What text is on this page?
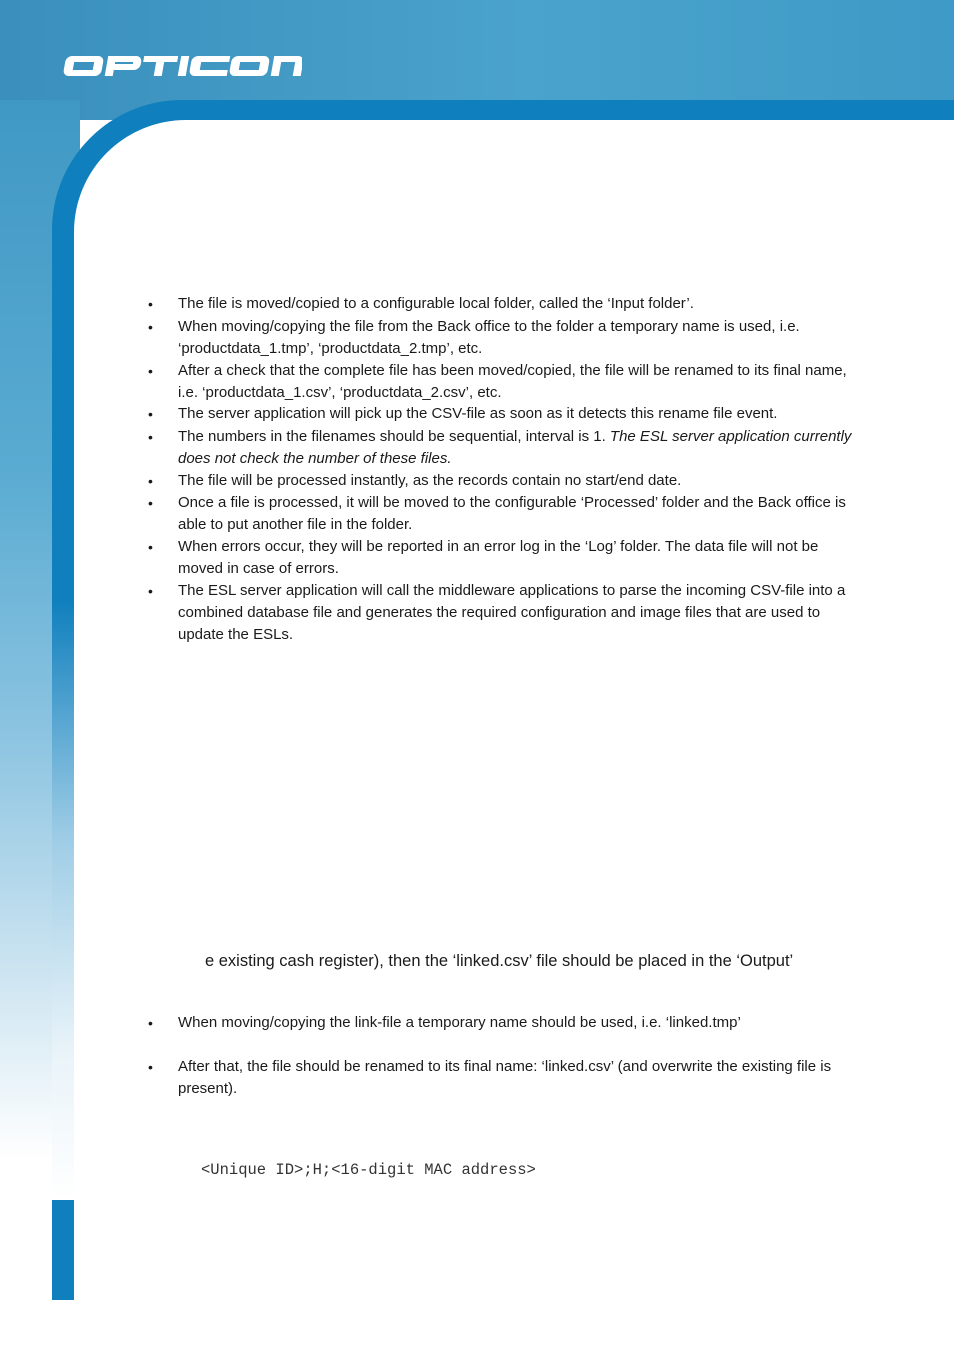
•	The file is moved/copied to a configurable local folder, called the ‘Input folder’.
•	When moving/copying the file from the Back office to the folder a temporary name is used, i.e. ‘productdata_1.tmp’, ‘productdata_2.tmp’, etc.
•	After a check that the complete file has been moved/copied, the file will be renamed to its final name, i.e. ‘productdata_1.csv’, ‘productdata_2.csv’, etc.
•	The server application will pick up the CSV-file as soon as it detects this rename file event.
•	The numbers in the filenames should be sequential, interval is 1. The ESL server application currently does not check the number of these files.
•	The file will be processed instantly, as the records contain no start/end date.
•	Once a file is processed, it will be moved to the configurable ‘Processed’ folder and the Back office is able to put another file in the folder.
•	When errors occur, they will be reported in an error log in the ‘Log’ folder. The data file will not be moved in case of errors.
•	The ESL server application will call the middleware applications to parse the incoming CSV-file into a combined database file and generates the required configuration and image files that are used to update the ESLs.
e existing cash register), then the ‘linked.csv’ file should be placed in the ‘Output’
•	When moving/copying the link-file a temporary name should be used, i.e. ‘linked.tmp’
•	After that, the file should be renamed to its final name: ‘linked.csv’ (and overwrite the existing file is present).
<Unique ID>;H;<16-digit MAC address>
